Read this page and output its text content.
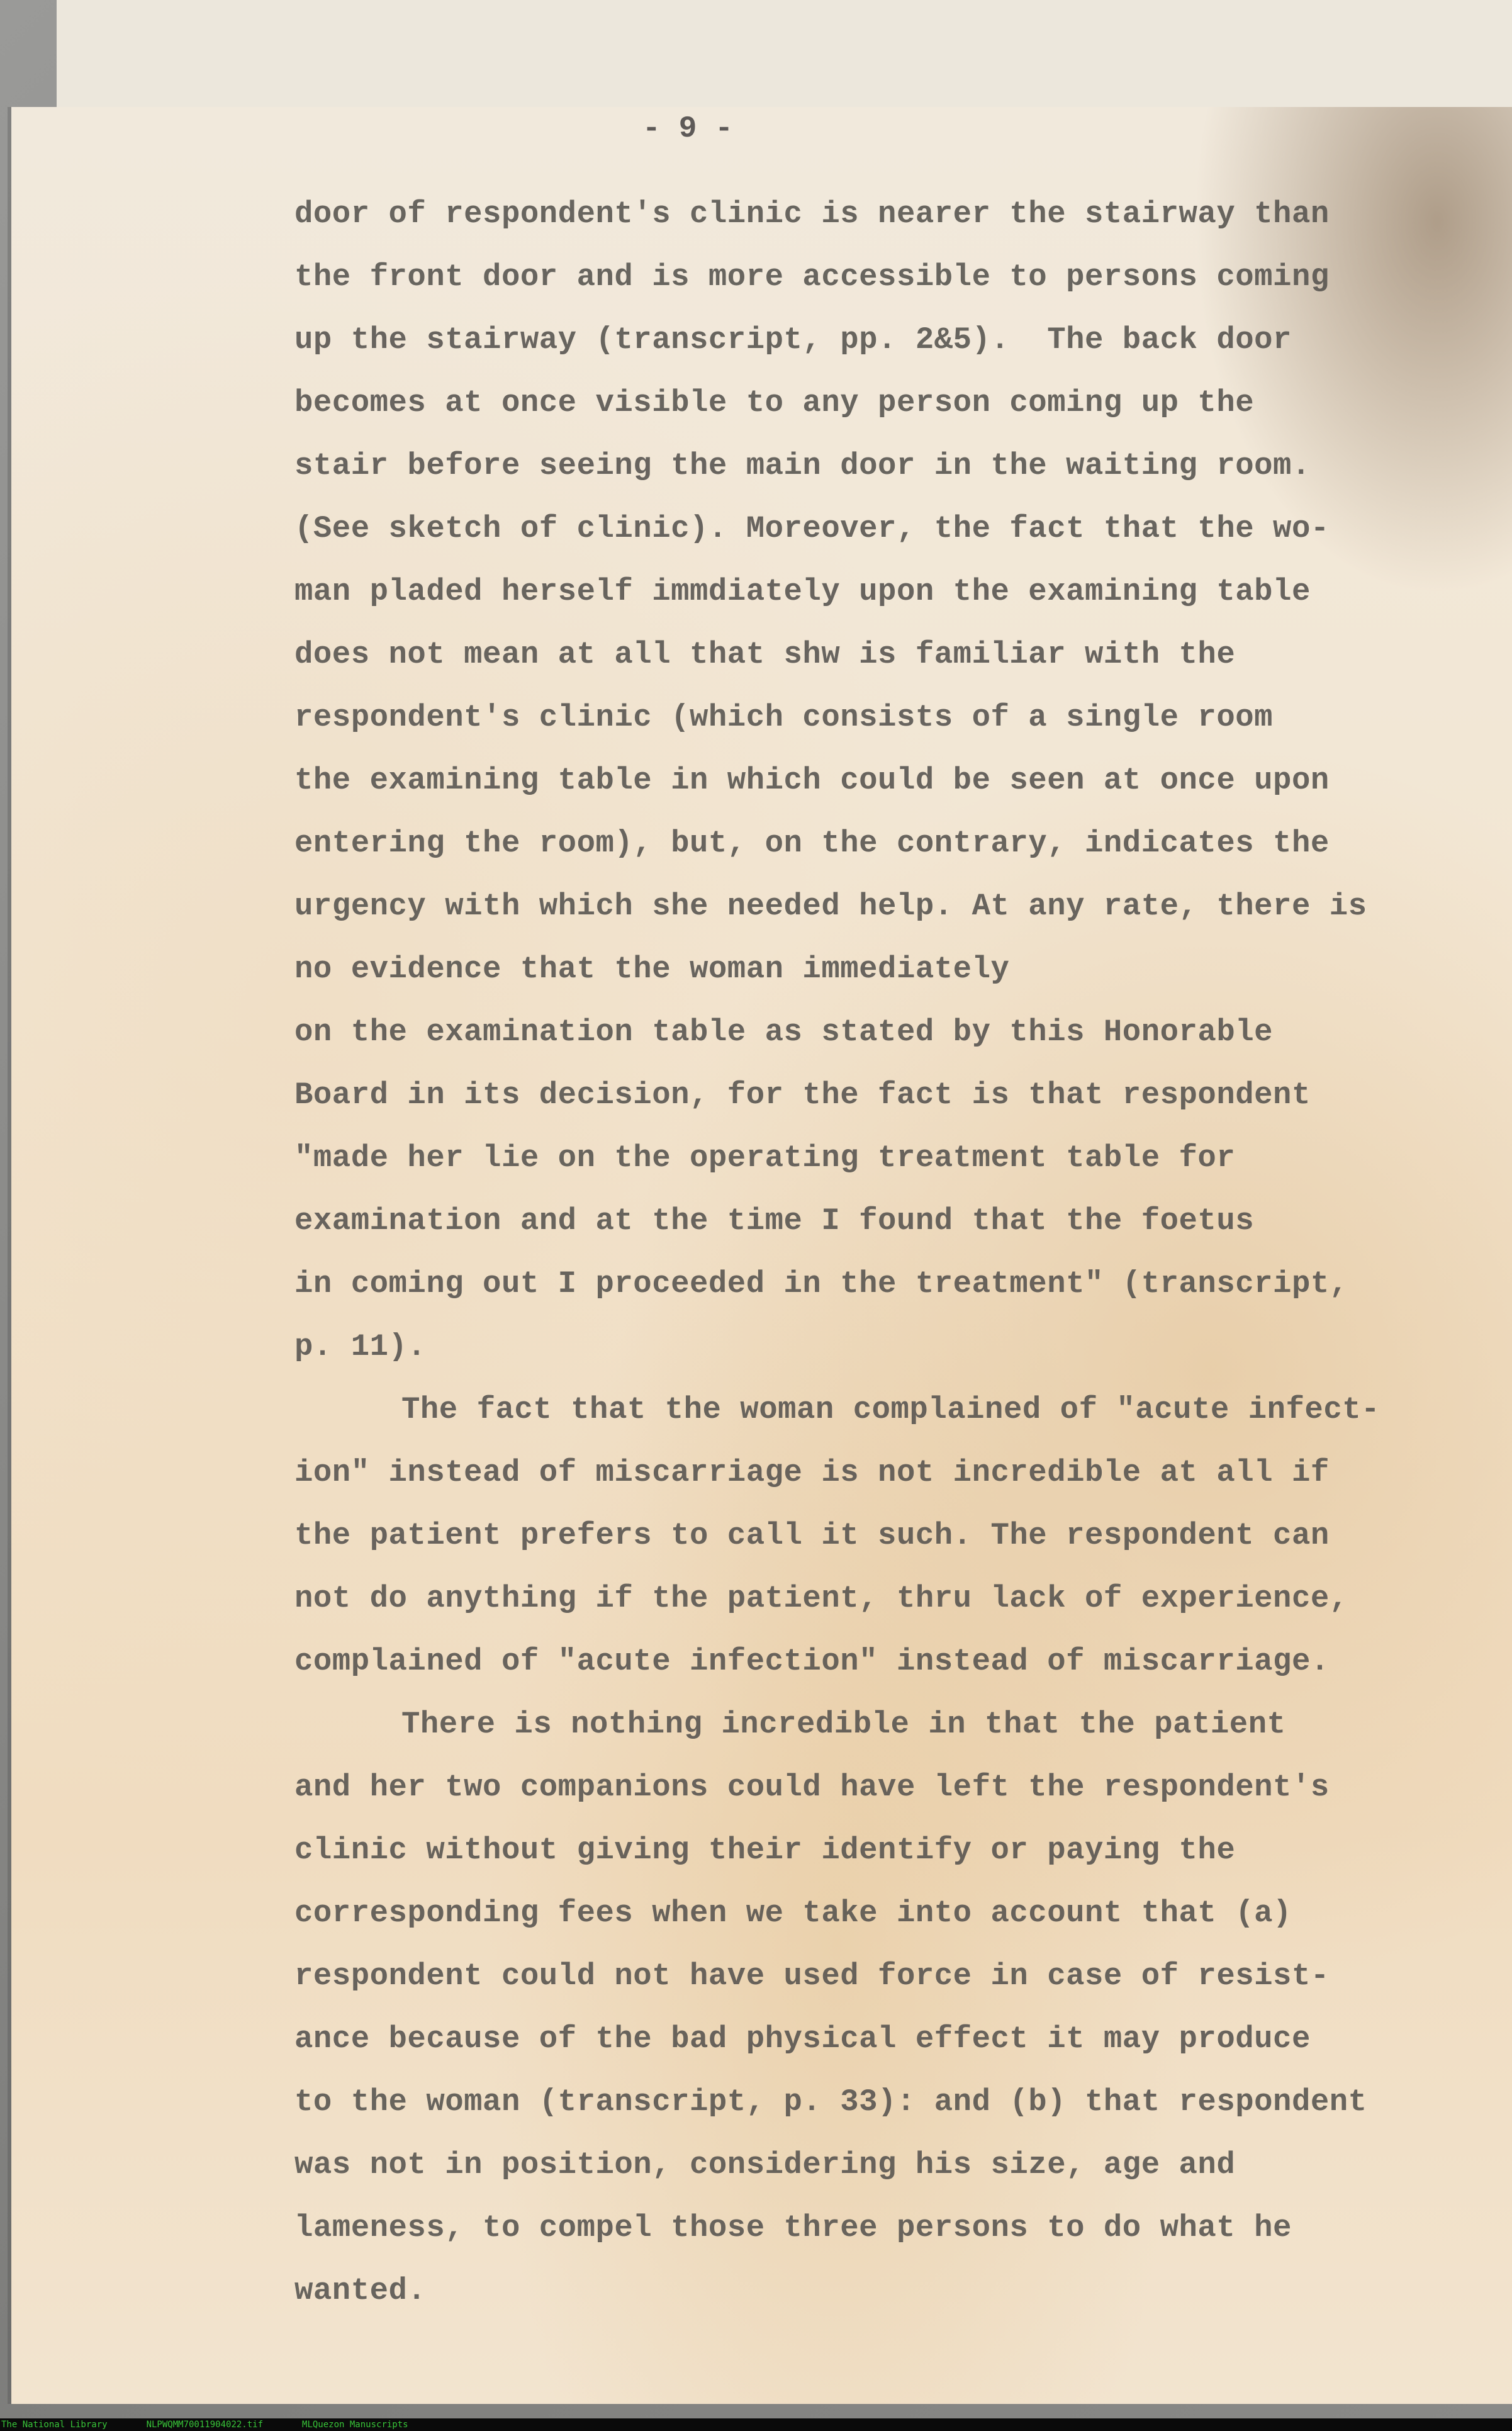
- 9 -
door of respondent's clinic is nearer the stairway than
the front door and is more accessible to persons coming
up the stairway (transcript, pp. 2&5).  The back door
becomes at once visible to any person coming up the
stair before seeing the main door in the waiting room.
(See sketch of clinic). Moreover, the fact that the wo-
man pladed herself immdiately upon the examining table
does not mean at all that shw is familiar with the
respondent's clinic (which consists of a single room
the examining table in which could be seen at once upon
entering the room), but, on the contrary, indicates the
urgency with which she needed help. At any rate, there is
no evidence that the woman immediately
on the examination table as stated by this Honorable
Board in its decision, for the fact is that respondent
"made her lie on the operating treatment table for
examination and at the time I found that the foetus
in coming out I proceeded in the treatment" (transcript,
p. 11).
The fact that the woman complained of "acute infect-
ion" instead of miscarriage is not incredible at all if
the patient prefers to call it such. The respondent can
not do anything if the patient, thru lack of experience,
complained of "acute infection" instead of miscarriage.
There is nothing incredible in that the patient
and her two companions could have left the respondent's
clinic without giving their identify or paying the
corresponding fees when we take into account that (a)
respondent could not have used force in case of resist-
ance because of the bad physical effect it may produce
to the woman (transcript, p. 33): and (b) that respondent
was not in position, considering his size, age and
lameness, to compel those three persons to do what he
wanted.
The National Library	NLPWQMM70011904022.tif	MLQuezon Manuscripts
